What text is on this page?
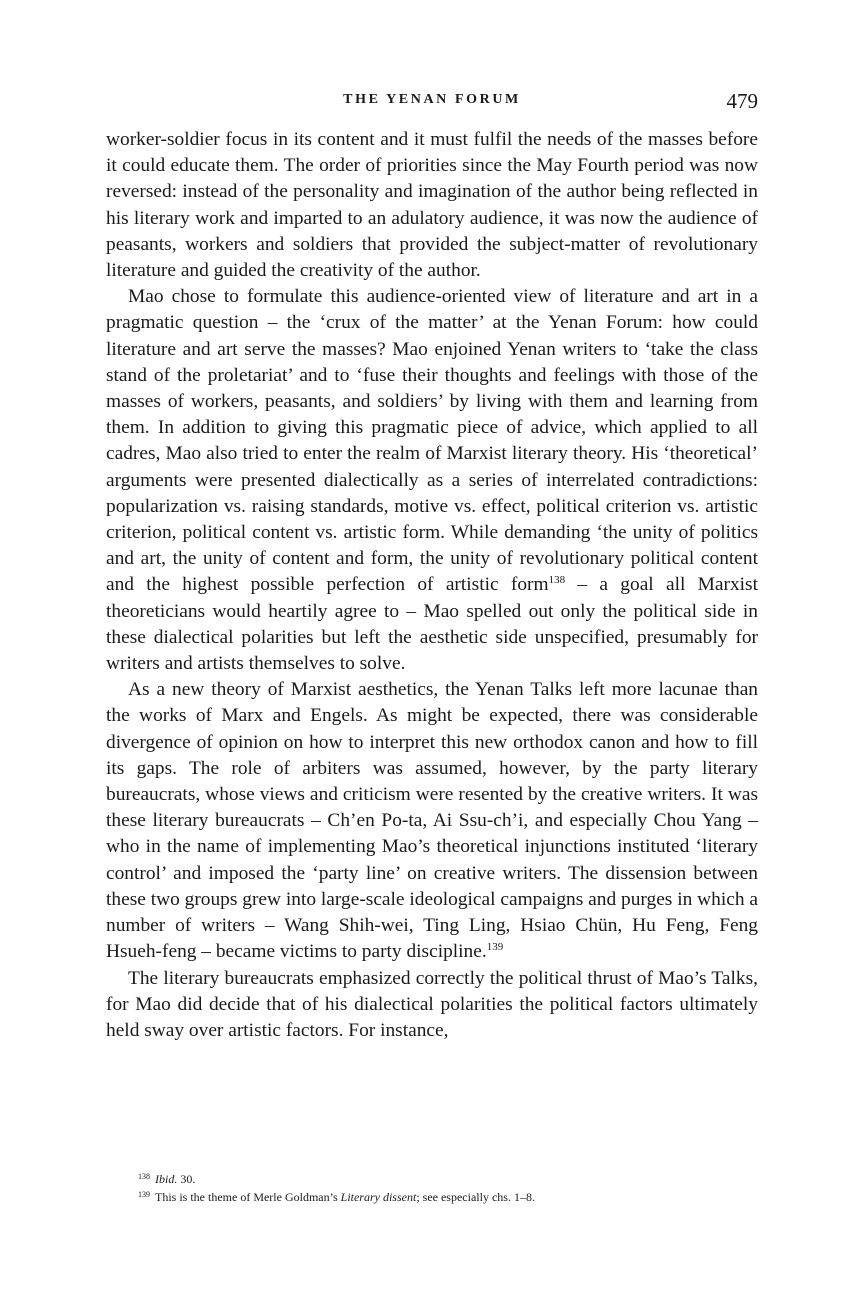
THE YENAN FORUM	479

worker-soldier focus in its content and it must fulfil the needs of the masses before it could educate them. The order of priorities since the May Fourth period was now reversed: instead of the personality and imagination of the author being reflected in his literary work and imparted to an adulatory audience, it was now the audience of peasants, workers and soldiers that provided the subject-matter of revolutionary literature and guided the creativity of the author.

Mao chose to formulate this audience-oriented view of literature and art in a pragmatic question – the ‘crux of the matter’ at the Yenan Forum: how could literature and art serve the masses? Mao enjoined Yenan writers to ‘take the class stand of the proletariat’ and to ‘fuse their thoughts and feelings with those of the masses of workers, peasants, and soldiers’ by living with them and learning from them. In addition to giving this pragmatic piece of advice, which applied to all cadres, Mao also tried to enter the realm of Marxist literary theory. His ‘theoretical’ arguments were presented dialectically as a series of interrelated contradictions: popularization vs. raising standards, motive vs. effect, political criterion vs. artistic criterion, political content vs. artistic form. While demanding ‘the unity of politics and art, the unity of content and form, the unity of revolutionary political content and the highest possible perfection of artistic form$^{138}$ – a goal all Marxist theoreticians would heartily agree to – Mao spelled out only the political side in these dialectical polarities but left the aesthetic side unspecified, presumably for writers and artists themselves to solve.

As a new theory of Marxist aesthetics, the Yenan Talks left more lacunae than the works of Marx and Engels. As might be expected, there was considerable divergence of opinion on how to interpret this new orthodox canon and how to fill its gaps. The role of arbiters was assumed, however, by the party literary bureaucrats, whose views and criticism were resented by the creative writers. It was these literary bureaucrats – Ch’en Po-ta, Ai Ssu-ch’i, and especially Chou Yang – who in the name of implementing Mao’s theoretical injunctions instituted ‘literary control’ and imposed the ‘party line’ on creative writers. The dissension between these two groups grew into large-scale ideological campaigns and purges in which a number of writers – Wang Shih-wei, Ting Ling, Hsiao Chün, Hu Feng, Feng Hsueh-feng – became victims to party discipline.$^{139}$

The literary bureaucrats emphasized correctly the political thrust of Mao’s Talks, for Mao did decide that of his dialectical polarities the political factors ultimately held sway over artistic factors. For instance,

$^{138}$ Ibid. 30.

$^{139}$ This is the theme of Merle Goldman’s Literary dissent; see especially chs. 1–8.
